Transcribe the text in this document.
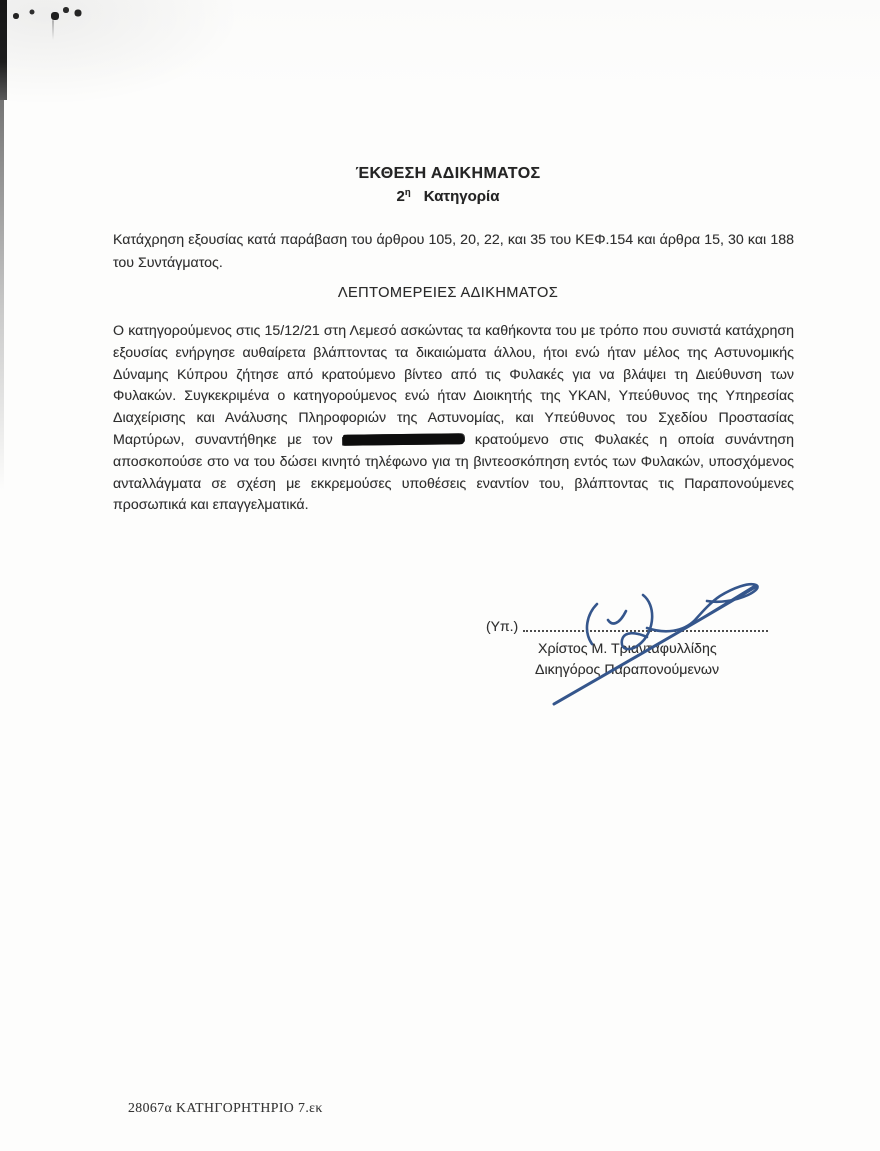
ΈΚΘΕΣΗ ΑΔΙΚΗΜΑΤΟΣ
$2^\eta$ Κατηγορία

Κατάχρηση εξουσίας κατά παράβαση του άρθρου 105, 20, 22, και 35 του ΚΕΦ.154 και άρθρα 15, 30 και 188 του Συντάγματος.

ΛΕΠΤΟΜΕΡΕΙΕΣ ΑΔΙΚΗΜΑΤΟΣ

Ο κατηγορούμενος στις 15/12/21 στη Λεμεσό ασκώντας τα καθήκοντα του με τρόπο που συνιστά κατάχρηση εξουσίας ενήργησε αυθαίρετα βλάπτοντας τα δικαιώματα άλλου, ήτοι ενώ ήταν μέλος της Αστυνομικής Δύναμης Κύπρου ζήτησε από κρατούμενο βίντεο από τις Φυλακές για να βλάψει τη Διεύθυνση των Φυλακών. Συγκεκριμένα ο κατηγορούμενος ενώ ήταν Διοικητής της ΥΚΑΝ, Υπεύθυνος της Υπηρεσίας Διαχείρισης και Ανάλυσης Πληροφοριών της Αστυνομίας, και Υπεύθυνος του Σχεδίου Προστασίας Μαρτύρων, συναντήθηκε με τον	κρατούμενο στις Φυλακές η οποία συνάντηση αποσκοπούσε στο να του δώσει κινητό τηλέφωνο για τη βιντεοσκόπηση εντός των Φυλακών, υποσχόμενος ανταλλάγματα σε σχέση με εκκρεμούσες υποθέσεις εναντίον του, βλάπτοντας τις Παραπονούμενες προσωπικά και επαγγελματικά.

(Υπ.)
Χρίστος Μ. Τριανταφυλλίδης
Δικηγόρος Παραπονούμενων
28067α ΚΑΤΗΓΟΡΗΤΗΡΙΟ 7.εκ
